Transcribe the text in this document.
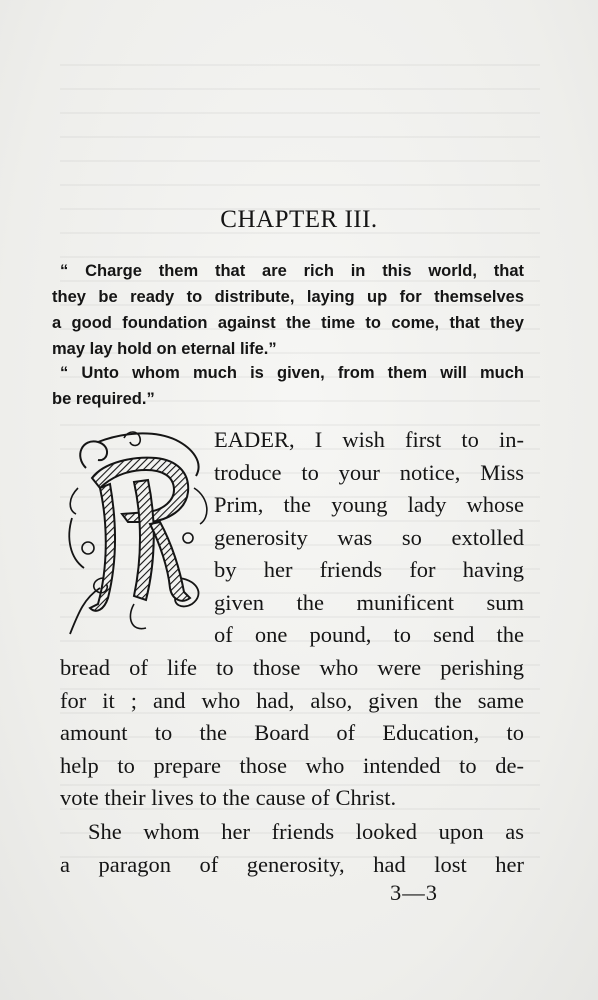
CHAPTER III.

“ Charge them that are rich in this world, that
they be ready to distribute, laying up for themselves
a good foundation against the time to come, that they
may lay hold on eternal life.”

“ Unto whom much is given, from them will much
be required.”

EADER, I wish first to in-
troduce to your notice, Miss
Prim, the young lady whose
generosity was so extolled
by her friends for having
given the munificent sum
of one pound, to send the

bread of life to those who were perishing
for it ; and who had, also, given the same
amount to the Board of Education, to
help to prepare those who intended to de-
vote their lives to the cause of Christ.

She whom her friends looked upon as
a paragon of generosity, had lost her

3—3
